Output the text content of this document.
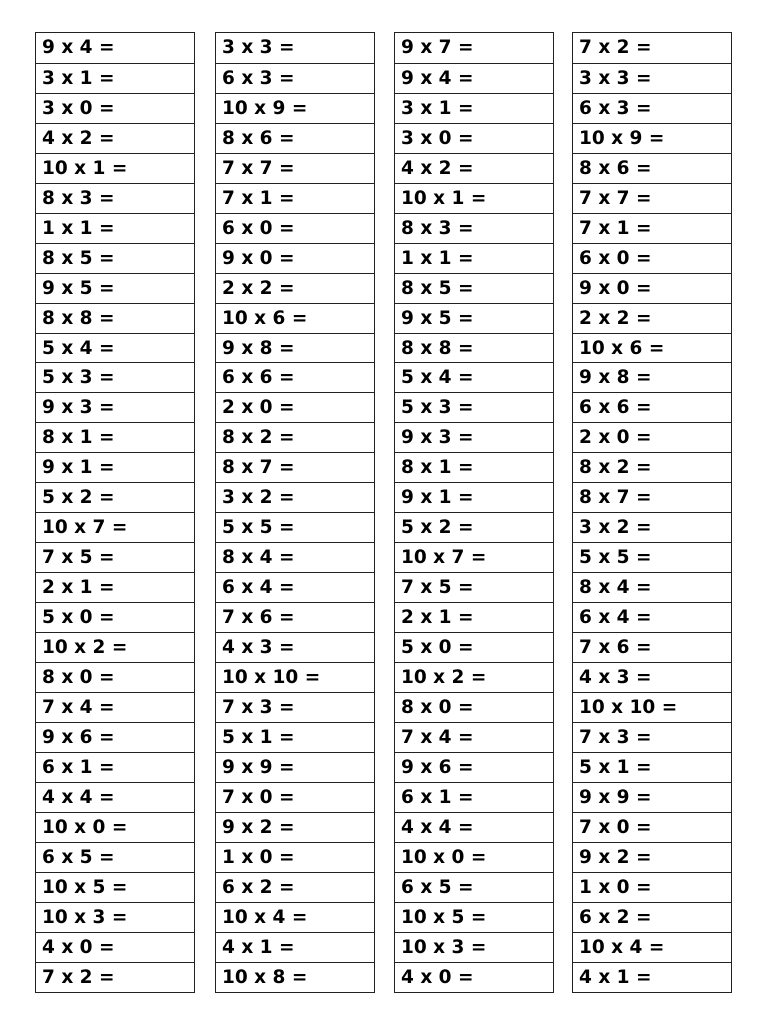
9 x 4 =
3 x 1 =
3 x 0 =
4 x 2 =
10 x 1 =
8 x 3 =
1 x 1 =
8 x 5 =
9 x 5 =
8 x 8 =
5 x 4 =
5 x 3 =
9 x 3 =
8 x 1 =
9 x 1 =
5 x 2 =
10 x 7 =
7 x 5 =
2 x 1 =
5 x 0 =
10 x 2 =
8 x 0 =
7 x 4 =
9 x 6 =
6 x 1 =
4 x 4 =
10 x 0 =
6 x 5 =
10 x 5 =
10 x 3 =
4 x 0 =
7 x 2 =
3 x 3 =
6 x 3 =
10 x 9 =
8 x 6 =
7 x 7 =
7 x 1 =
6 x 0 =
9 x 0 =
2 x 2 =
10 x 6 =
9 x 8 =
6 x 6 =
2 x 0 =
8 x 2 =
8 x 7 =
3 x 2 =
5 x 5 =
8 x 4 =
6 x 4 =
7 x 6 =
4 x 3 =
10 x 10 =
7 x 3 =
5 x 1 =
9 x 9 =
7 x 0 =
9 x 2 =
1 x 0 =
6 x 2 =
10 x 4 =
4 x 1 =
10 x 8 =
9 x 7 =
9 x 4 =
3 x 1 =
3 x 0 =
4 x 2 =
10 x 1 =
8 x 3 =
1 x 1 =
8 x 5 =
9 x 5 =
8 x 8 =
5 x 4 =
5 x 3 =
9 x 3 =
8 x 1 =
9 x 1 =
5 x 2 =
10 x 7 =
7 x 5 =
2 x 1 =
5 x 0 =
10 x 2 =
8 x 0 =
7 x 4 =
9 x 6 =
6 x 1 =
4 x 4 =
10 x 0 =
6 x 5 =
10 x 5 =
10 x 3 =
4 x 0 =
7 x 2 =
3 x 3 =
6 x 3 =
10 x 9 =
8 x 6 =
7 x 7 =
7 x 1 =
6 x 0 =
9 x 0 =
2 x 2 =
10 x 6 =
9 x 8 =
6 x 6 =
2 x 0 =
8 x 2 =
8 x 7 =
3 x 2 =
5 x 5 =
8 x 4 =
6 x 4 =
7 x 6 =
4 x 3 =
10 x 10 =
7 x 3 =
5 x 1 =
9 x 9 =
7 x 0 =
9 x 2 =
1 x 0 =
6 x 2 =
10 x 4 =
4 x 1 =
